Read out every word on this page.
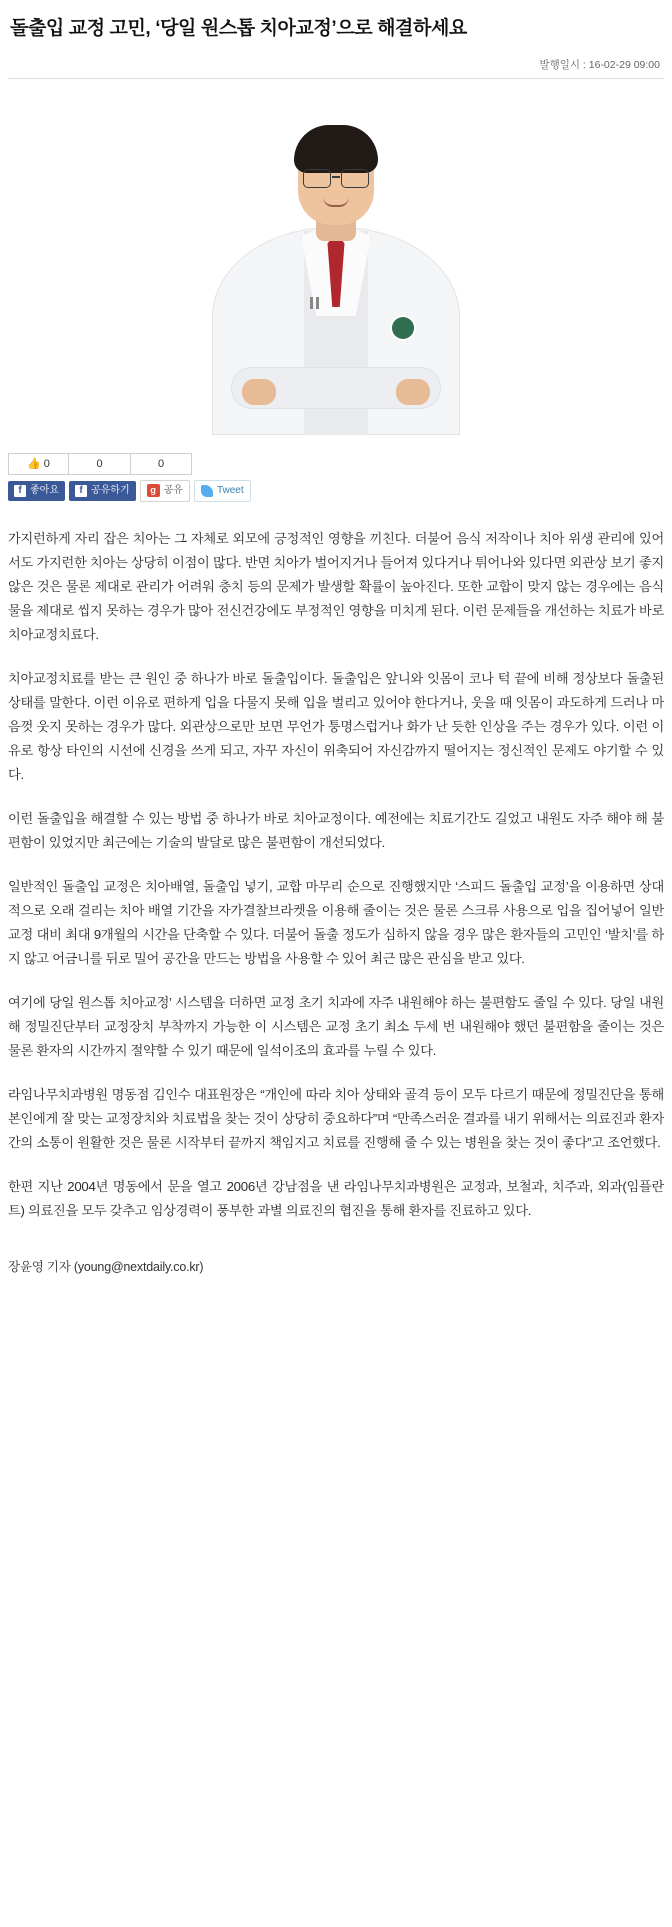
돌출입 교정 고민, ‘당일 원스톱 치아교정’으로 해결하세요
발행일시 : 16-02-29 09:00
👍 0	0	0
f 좋아요	f 공유하기	g 공유	Tweet

가지런하게 자리 잡은 치아는 그 자체로 외모에 긍정적인 영향을 끼친다. 더불어 음식 저작이나 치아 위생 관리에 있어서도 가지런한 치아는 상당히 이점이 많다. 반면 치아가 벌어지거나 들어져 있다거나 튀어나와 있다면 외관상 보기 좋지 않은 것은 물론 제대로 관리가 어려워 충치 등의 문제가 발생할 확률이 높아진다. 또한 교합이 맞지 않는 경우에는 음식물을 제대로 씹지 못하는 경우가 많아 전신건강에도 부정적인 영향을 미치게 된다. 이런 문제들을 개선하는 치료가 바로 치아교정치료다.

치아교정치료를 받는 큰 원인 중 하나가 바로 돌출입이다. 돌출입은 앞니와 잇몸이 코나 턱 끝에 비해 정상보다 돌출된 상태를 말한다. 이런 이유로 편하게 입을 다물지 못해 입을 벌리고 있어야 한다거나, 웃을 때 잇몸이 과도하게 드러나 마음껏 웃지 못하는 경우가 많다. 외관상으로만 보면 무언가 퉁명스럽거나 화가 난 듯한 인상을 주는 경우가 있다. 이런 이유로 항상 타인의 시선에 신경을 쓰게 되고, 자꾸 자신이 위축되어 자신감까지 떨어지는 정신적인 문제도 야기할 수 있다.

이런 돌출입을 해결할 수 있는 방법 중 하나가 바로 치아교정이다. 예전에는 치료기간도 길었고 내원도 자주 해야 해 불편함이 있었지만 최근에는 기술의 발달로 많은 불편함이 개선되었다.

일반적인 돌출입 교정은 치아배열, 돌출입 넣기, 교합 마무리 순으로 진행했지만 ‘스피드 돌출입 교정’을 이용하면 상대적으로 오래 걸리는 치아 배열 기간을 자가결찰브라켓을 이용해 줄이는 것은 물론 스크류 사용으로 입을 집어넣어 일반 교정 대비 최대 9개월의 시간을 단축할 수 있다. 더불어 돌출 정도가 심하지 않을 경우 많은 환자들의 고민인 ‘발치’를 하지 않고 어금니를 뒤로 밀어 공간을 만드는 방법을 사용할 수 있어 최근 많은 관심을 받고 있다.

여기에 당일 원스톱 치아교정’ 시스템을 더하면 교정 초기 치과에 자주 내원해야 하는 불편함도 줄일 수 있다. 당일 내원해 정밀진단부터 교정장치 부착까지 가능한 이 시스템은 교정 초기 최소 두세 번 내원해야 했던 불편함을 줄이는 것은 물론 환자의 시간까지 절약할 수 있기 때문에 일석이조의 효과를 누릴 수 있다.

라임나무치과병원 명동점 김인수 대표원장은 “개인에 따라 치아 상태와 골격 등이 모두 다르기 때문에 정밀진단을 통해 본인에게 잘 맞는 교정장치와 치료법을 찾는 것이 상당히 중요하다”며 “만족스러운 결과를 내기 위해서는 의료진과 환자 간의 소통이 원활한 것은 물론 시작부터 끝까지 책임지고 치료를 진행해 줄 수 있는 병원을 찾는 것이 좋다”고 조언했다.

한편 지난 2004년 명동에서 문을 열고 2006년 강남점을 낸 라임나무치과병원은 교정과, 보철과, 치주과, 외과(임플란트) 의료진을 모두 갖추고 임상경력이 풍부한 과별 의료진의 협진을 통해 환자를 진료하고 있다.

장윤영 기자 (young@nextdaily.co.kr)
